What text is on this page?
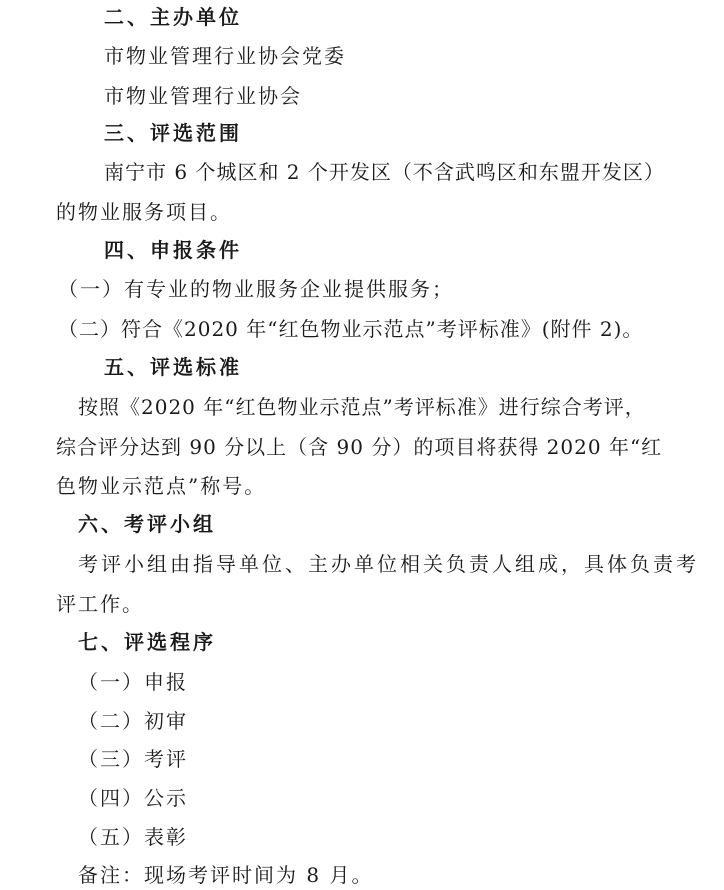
二、主办单位
市物业管理行业协会党委
市物业管理行业协会
三、评选范围
南宁市 6 个城区和 2 个开发区（不含武鸣区和东盟开发区）
的物业服务项目。
四、申报条件
（一）有专业的物业服务企业提供服务；
（二）符合《2020 年“红色物业示范点”考评标准》(附件 2)。
五、评选标准
按照《2020 年“红色物业示范点”考评标准》进行综合考评，
综合评分达到 90 分以上（含 90 分）的项目将获得 2020 年“红
色物业示范点”称号。
六、考评小组
考评小组由指导单位、主办单位相关负责人组成，具体负责考
评工作。
七、评选程序
（一）申报
（二）初审
（三）考评
（四）公示
（五）表彰
备注：现场考评时间为 8 月。
